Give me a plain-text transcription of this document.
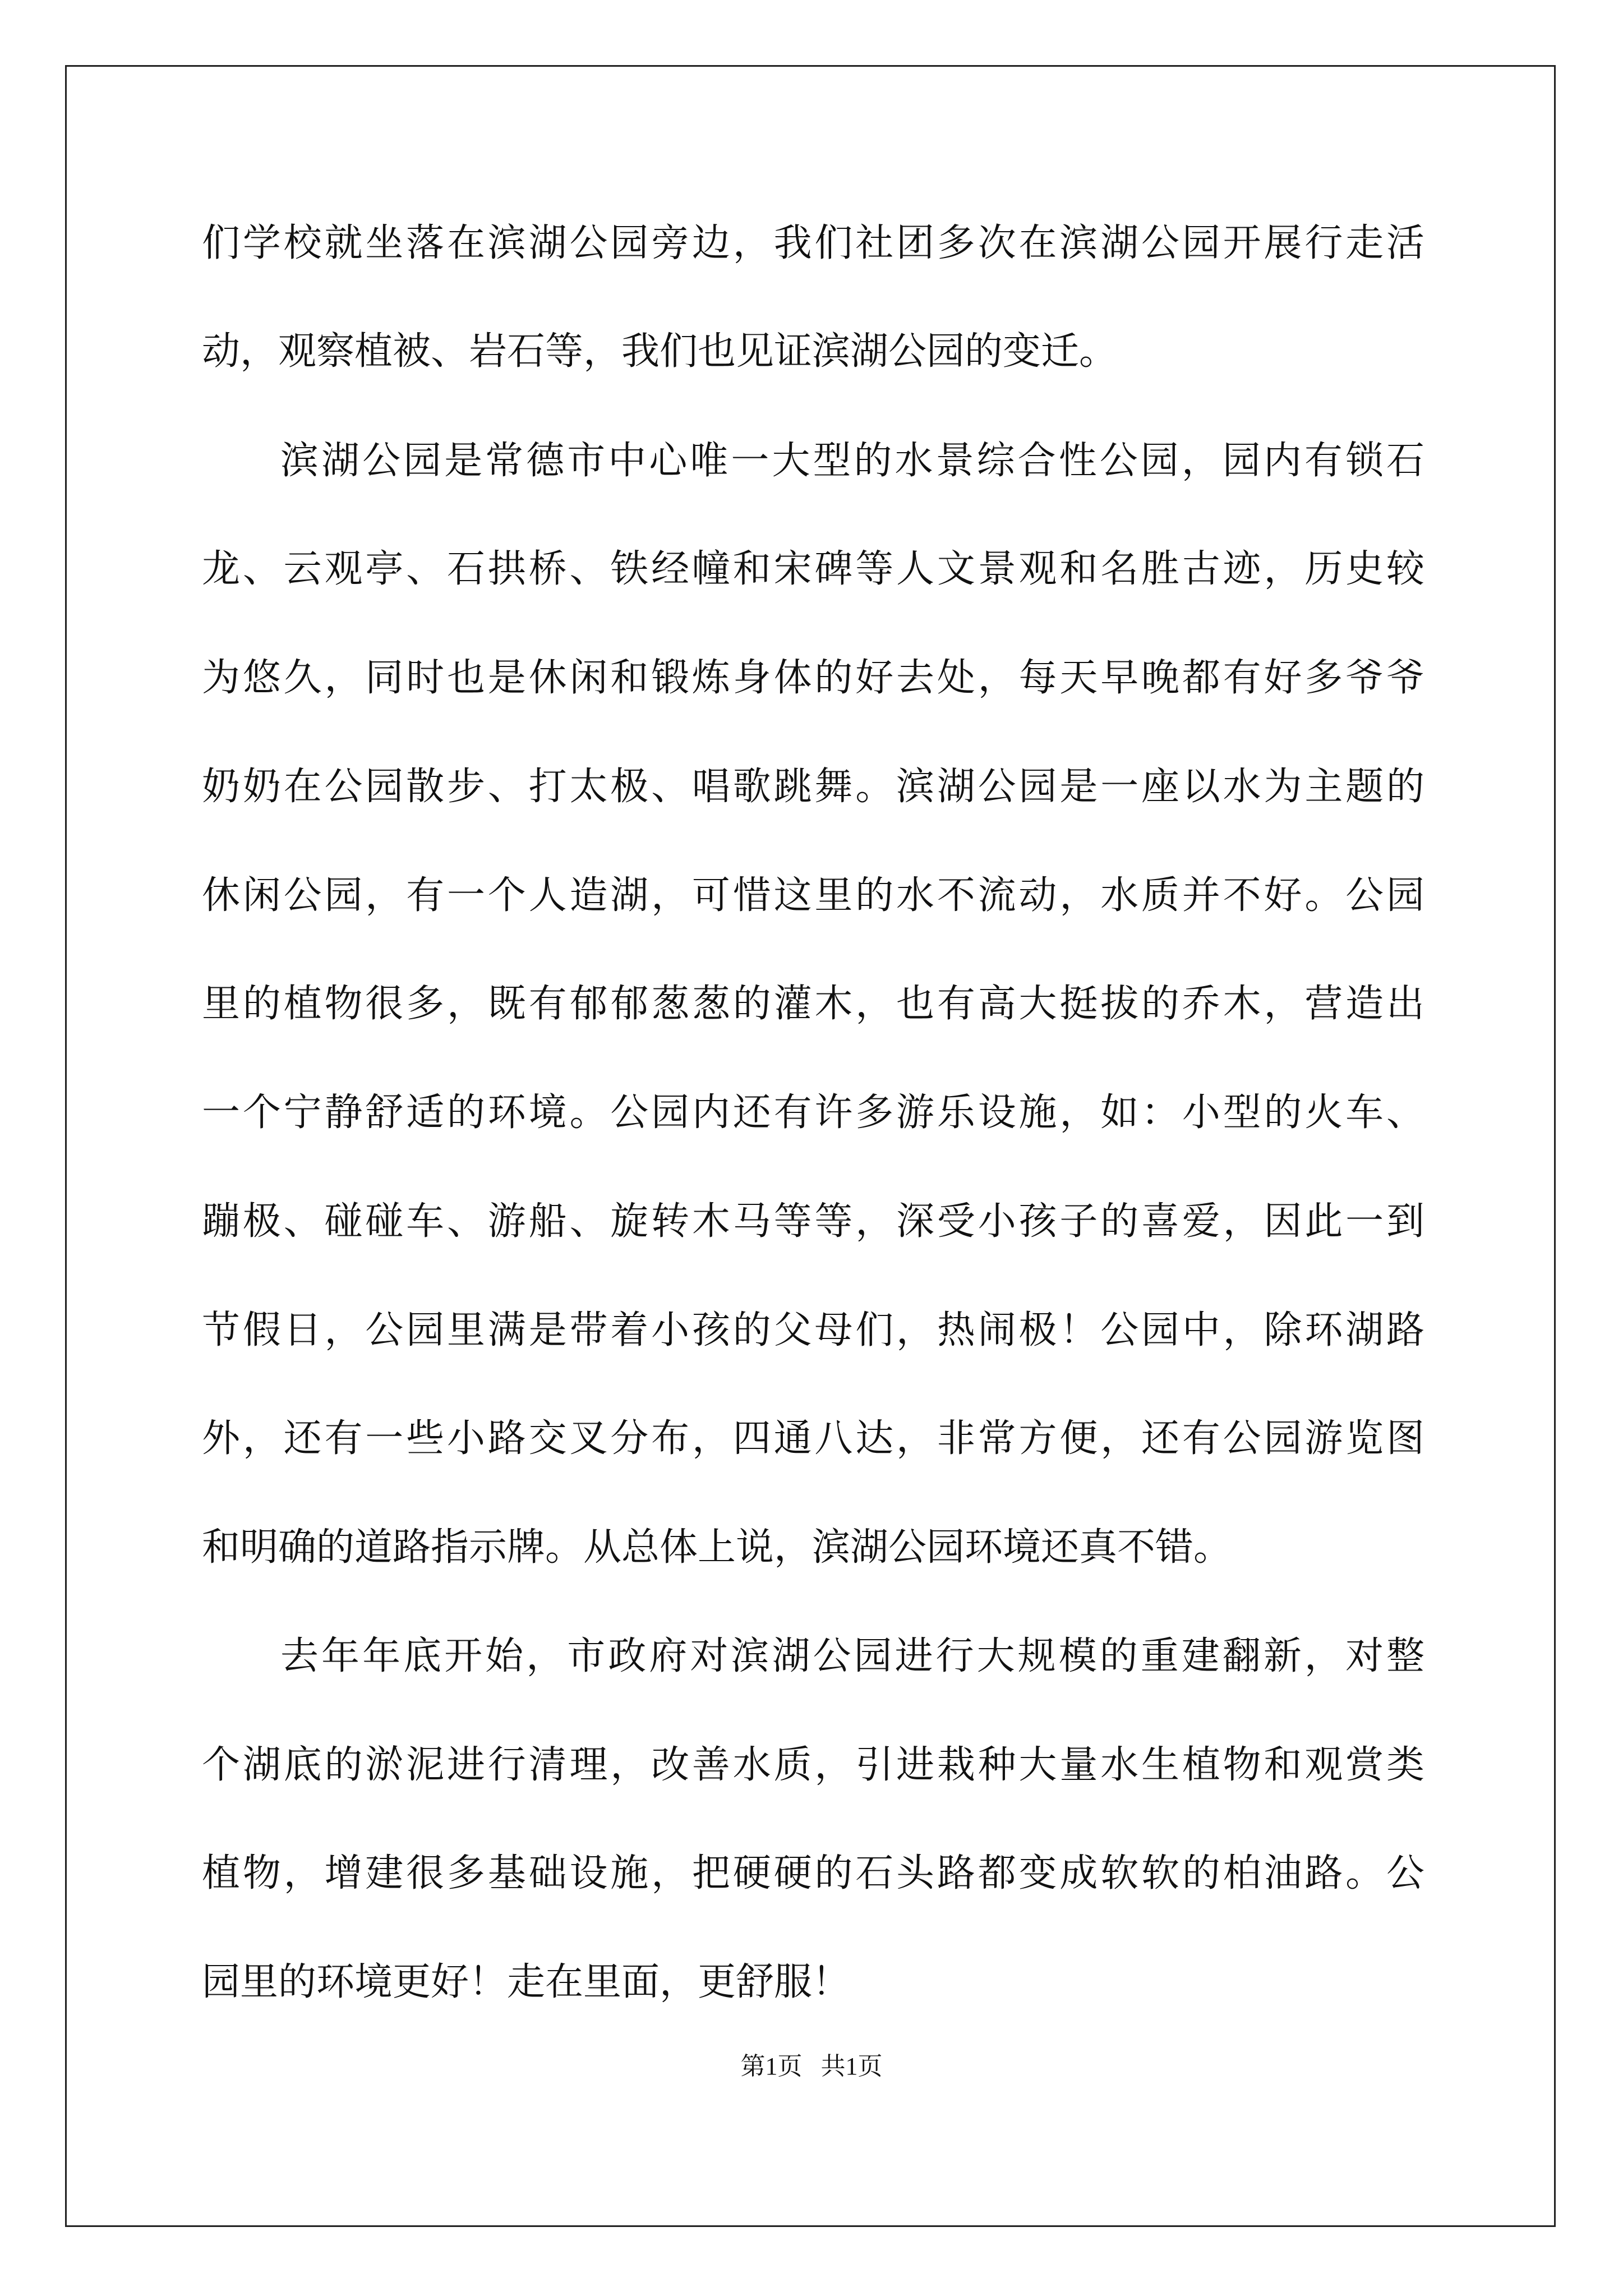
们学校就坐落在滨湖公园旁边，我们社团多次在滨湖公园开展行走活
动，观察植被、岩石等，我们也见证滨湖公园的变迁。
滨湖公园是常德市中心唯一大型的水景综合性公园，园内有锁石
龙、云观亭、石拱桥、铁经幢和宋碑等人文景观和名胜古迹，历史较
为悠久，同时也是休闲和锻炼身体的好去处，每天早晚都有好多爷爷
奶奶在公园散步、打太极、唱歌跳舞。滨湖公园是一座以水为主题的
休闲公园，有一个人造湖，可惜这里的水不流动，水质并不好。公园
里的植物很多，既有郁郁葱葱的灌木，也有高大挺拔的乔木，营造出
一个宁静舒适的环境。公园内还有许多游乐设施，如：小型的火车、
蹦极、碰碰车、游船、旋转木马等等，深受小孩子的喜爱，因此一到
节假日，公园里满是带着小孩的父母们，热闹极！公园中，除环湖路
外，还有一些小路交叉分布，四通八达，非常方便，还有公园游览图
和明确的道路指示牌。从总体上说，滨湖公园环境还真不错。
去年年底开始，市政府对滨湖公园进行大规模的重建翻新，对整
个湖底的淤泥进行清理，改善水质，引进栽种大量水生植物和观赏类
植物，增建很多基础设施，把硬硬的石头路都变成软软的柏油路。公
园里的环境更好！走在里面，更舒服！
第1页   共1页
